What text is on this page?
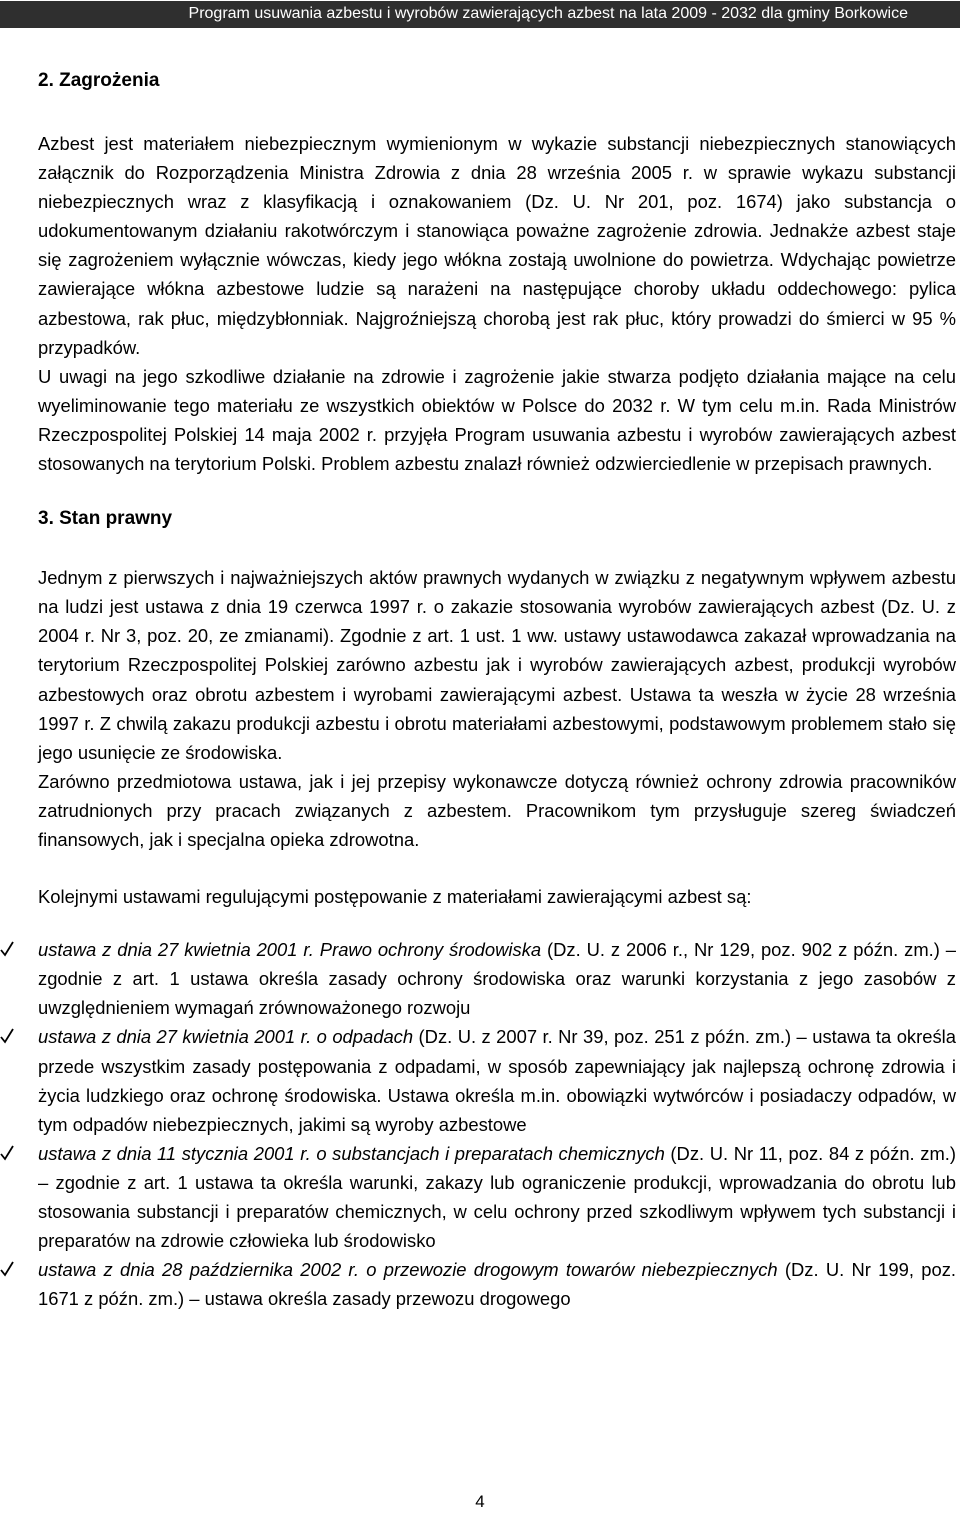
Program usuwania azbestu i wyrobów zawierających azbest na lata 2009 - 2032 dla gminy Borkowice
2. Zagrożenia

Azbest jest materiałem niebezpiecznym wymienionym w wykazie substancji niebezpiecznych stanowiących załącznik do Rozporządzenia Ministra Zdrowia z dnia 28 września 2005 r. w sprawie wykazu substancji niebezpiecznych wraz z klasyfikacją i oznakowaniem (Dz. U. Nr 201, poz. 1674) jako substancja o udokumentowanym działaniu rakotwórczym i stanowiąca poważne zagrożenie zdrowia. Jednakże azbest staje się zagrożeniem wyłącznie wówczas, kiedy jego włókna zostają uwolnione do powietrza. Wdychając powietrze zawierające włókna azbestowe ludzie są narażeni na następujące choroby układu oddechowego: pylica azbestowa, rak płuc, międzybłonniak. Najgroźniejszą chorobą jest rak płuc, który prowadzi do śmierci w 95 % przypadków.

U uwagi na jego szkodliwe działanie na zdrowie i zagrożenie jakie stwarza podjęto działania mające na celu wyeliminowanie tego materiału ze wszystkich obiektów w Polsce do 2032 r. W tym celu m.in. Rada Ministrów Rzeczpospolitej Polskiej 14 maja 2002 r. przyjęła Program usuwania azbestu i wyrobów zawierających azbest stosowanych na terytorium Polski. Problem azbestu znalazł również odzwierciedlenie w przepisach prawnych.

3. Stan prawny

Jednym z pierwszych i najważniejszych aktów prawnych wydanych w związku z negatywnym wpływem azbestu na ludzi jest ustawa z dnia 19 czerwca 1997 r. o zakazie stosowania wyrobów zawierających azbest (Dz. U. z 2004 r. Nr 3, poz. 20, ze zmianami). Zgodnie z art. 1 ust. 1 ww. ustawy ustawodawca zakazał wprowadzania na terytorium Rzeczpospolitej Polskiej zarówno azbestu jak i wyrobów zawierających azbest, produkcji wyrobów azbestowych oraz obrotu azbestem i wyrobami zawierającymi azbest. Ustawa ta weszła w życie 28 września 1997 r. Z chwilą zakazu produkcji azbestu i obrotu materiałami azbestowymi, podstawowym problemem stało się jego usunięcie ze środowiska.

Zarówno przedmiotowa ustawa, jak i jej przepisy wykonawcze dotyczą również ochrony zdrowia pracowników zatrudnionych przy pracach związanych z azbestem. Pracownikom tym przysługuje szereg świadczeń finansowych, jak i specjalna opieka zdrowotna.

Kolejnymi ustawami regulującymi postępowanie z materiałami zawierającymi azbest są:

ustawa z dnia 27 kwietnia 2001 r. Prawo ochrony środowiska (Dz. U. z 2006 r., Nr 129, poz. 902 z późn. zm.) – zgodnie z art. 1 ustawa określa zasady ochrony środowiska oraz warunki korzystania z jego zasobów z uwzględnieniem wymagań zrównoważonego rozwoju
ustawa z dnia 27 kwietnia 2001 r. o odpadach (Dz. U. z 2007 r. Nr 39, poz. 251 z późn. zm.) – ustawa ta określa przede wszystkim zasady postępowania z odpadami, w sposób zapewniający jak najlepszą ochronę zdrowia i życia ludzkiego oraz ochronę środowiska. Ustawa określa m.in. obowiązki wytwórców i posiadaczy odpadów, w tym odpadów niebezpiecznych, jakimi są wyroby azbestowe
ustawa z dnia 11 stycznia 2001 r. o substancjach i preparatach chemicznych (Dz. U. Nr 11, poz. 84 z późn. zm.) – zgodnie z art. 1 ustawa ta określa warunki, zakazy lub ograniczenie produkcji, wprowadzania do obrotu lub stosowania substancji i preparatów chemicznych, w celu ochrony przed szkodliwym wpływem tych substancji i preparatów na zdrowie człowieka lub środowisko
ustawa z dnia 28 października 2002 r. o przewozie drogowym towarów niebezpiecznych (Dz. U. Nr 199, poz. 1671 z późn. zm.) – ustawa określa zasady przewozu drogowego
4
